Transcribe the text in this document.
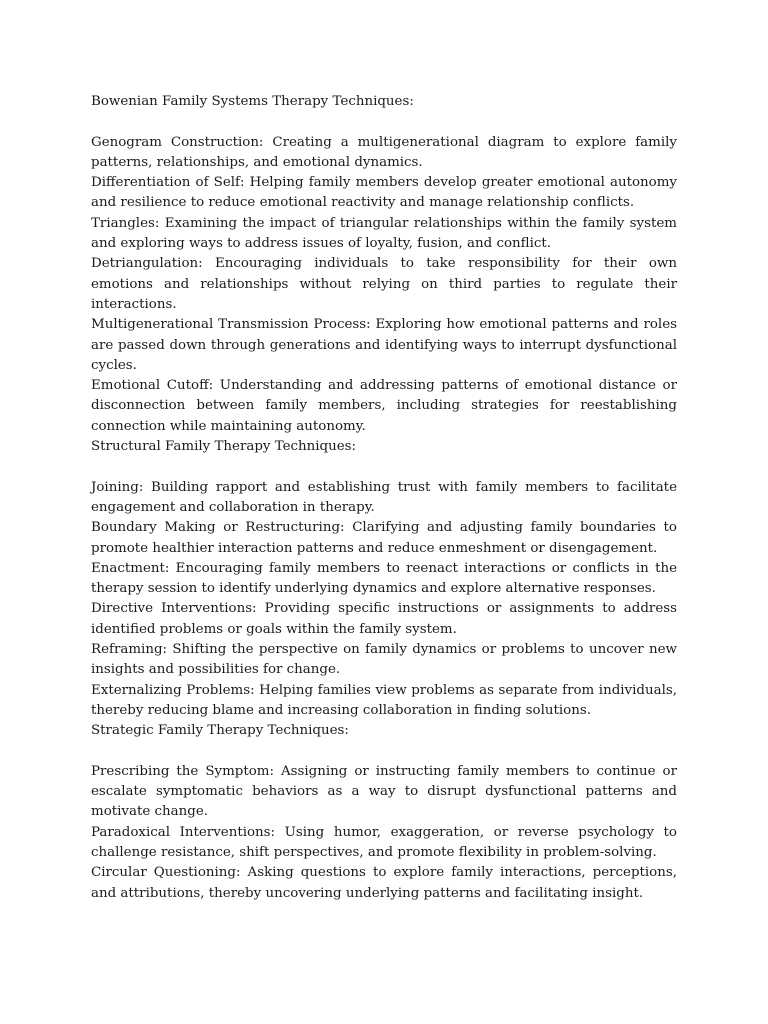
Bowenian Family Systems Therapy Techniques:

Genogram Construction: Creating a multigenerational diagram to explore family patterns, relationships, and emotional dynamics.

Differentiation of Self: Helping family members develop greater emotional autonomy and resilience to reduce emotional reactivity and manage relationship conflicts.

Triangles: Examining the impact of triangular relationships within the family system and exploring ways to address issues of loyalty, fusion, and conflict.

Detriangulation: Encouraging individuals to take responsibility for their own emotions and relationships without relying on third parties to regulate their interactions.

Multigenerational Transmission Process: Exploring how emotional patterns and roles are passed down through generations and identifying ways to interrupt dysfunctional cycles.

Emotional Cutoff: Understanding and addressing patterns of emotional distance or disconnection between family members, including strategies for reestablishing connection while maintaining autonomy.

Structural Family Therapy Techniques:

Joining: Building rapport and establishing trust with family members to facilitate engagement and collaboration in therapy.

Boundary Making or Restructuring: Clarifying and adjusting family boundaries to promote healthier interaction patterns and reduce enmeshment or disengagement.

Enactment: Encouraging family members to reenact interactions or conflicts in the therapy session to identify underlying dynamics and explore alternative responses.

Directive Interventions: Providing specific instructions or assignments to address identified problems or goals within the family system.

Reframing: Shifting the perspective on family dynamics or problems to uncover new insights and possibilities for change.

Externalizing Problems: Helping families view problems as separate from individuals, thereby reducing blame and increasing collaboration in finding solutions.

Strategic Family Therapy Techniques:

Prescribing the Symptom: Assigning or instructing family members to continue or escalate symptomatic behaviors as a way to disrupt dysfunctional patterns and motivate change.

Paradoxical Interventions: Using humor, exaggeration, or reverse psychology to challenge resistance, shift perspectives, and promote flexibility in problem-solving.

Circular Questioning: Asking questions to explore family interactions, perceptions, and attributions, thereby uncovering underlying patterns and facilitating insight.
